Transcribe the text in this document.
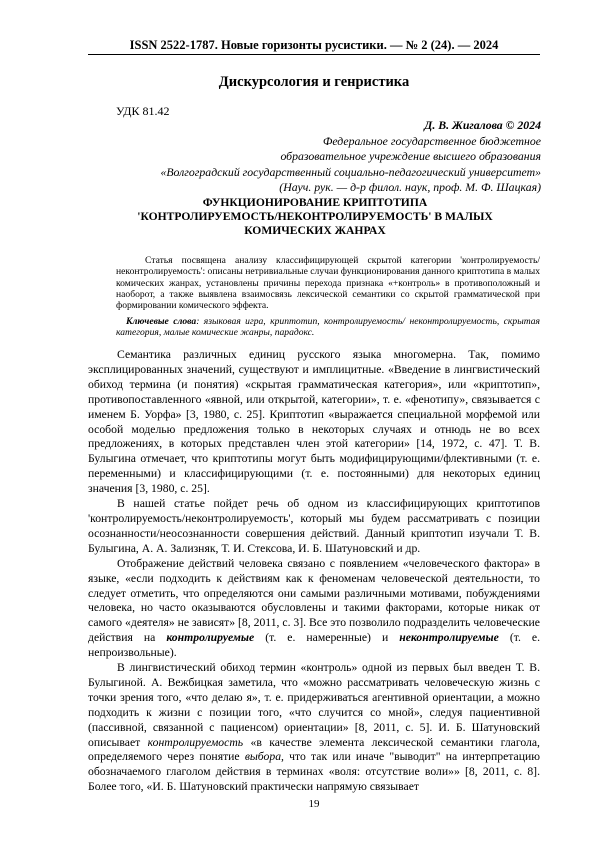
ISSN 2522-1787. Новые горизонты русистики. — № 2 (24). — 2024
Дискурсология и генристика
УДК 81.42
Д. В. Жигалова © 2024
Федеральное государственное бюджетное
образовательное учреждение высшего образования
«Волгоградский государственный социально-педагогический университет»
(Науч. рук. — д-р филол. наук, проф. М. Ф. Шацкая)
ФУНКЦИОНИРОВАНИЕ КРИПТОТИПА
'КОНТРОЛИРУЕМОСТЬ/НЕКОНТРОЛИРУЕМОСТЬ' В МАЛЫХ
КОМИЧЕСКИХ ЖАНРАХ

Статья посвящена анализу классифицирующей скрытой категории 'контролируемость/неконтролируемость': описаны нетривиальные случаи функционирования данного криптотипа в малых комических жанрах, установлены причины перехода признака «+контроль» в противоположный и наоборот, а также выявлена взаимосвязь лексической семантики со скрытой грамматической при формировании комического эффекта.

Ключевые слова: языковая игра, криптотип, контролируемость/ неконтролируемость, скрытая категория, малые комические жанры, парадокс.

Семантика различных единиц русского языка многомерна. Так, помимо эксплицированных значений, существуют и имплицитные. «Введение в лингвистический обиход термина (и понятия) «скрытая грамматическая категория», или «криптотип», противопоставленного «явной, или открытой, категории», т. е. «фенотипу», связывается с именем Б. Уорфа» [3, 1980, с. 25]. Криптотип «выражается специальной морфемой или особой моделью предложения только в некоторых случаях и отнюдь не во всех предложениях, в которых представлен член этой категории» [14, 1972, с. 47]. Т. В. Булыгина отмечает, что криптотипы могут быть модифицирующими/флективными (т. е. переменными) и классифицирующими (т. е. постоянными) для некоторых единиц значения [3, 1980, с. 25].

В нашей статье пойдет речь об одном из классифицирующих криптотипов 'контролируемость/неконтролируемость', который мы будем рассматривать с позиции осознанности/неосознанности совершения действий. Данный криптотип изучали Т. В. Булыгина, А. А. Зализняк, Т. И. Стексова, И. Б. Шатуновский и др.

Отображение действий человека связано с появлением «человеческого фактора» в языке, «если подходить к действиям как к феноменам человеческой деятельности, то следует отметить, что определяются они самыми различными мотивами, побуждениями человека, но часто оказываются обусловлены и такими факторами, которые никак от самого «деятеля» не зависят» [8, 2011, с. 3]. Все это позволило подразделить человеческие действия на контролируемые (т. е. намеренные) и неконтролируемые (т. е. непроизвольные).

В лингвистический обиход термин «контроль» одной из первых был введен Т. В. Булыгиной. А. Вежбицкая заметила, что «можно рассматривать человеческую жизнь с точки зрения того, «что делаю я», т. е. придерживаться агентивной ориентации, а можно подходить к жизни с позиции того, «что случится со мной», следуя пациентивной (пассивной, связанной с пациенсом) ориентации» [8, 2011, с. 5]. И. Б. Шатуновский описывает контролируемость «в качестве элемента лексической семантики глагола, определяемого через понятие выбора, что так или иначе "выводит" на интерпретацию обозначаемого глаголом действия в терминах «воля: отсутствие воли»» [8, 2011, с. 8]. Более того, «И. Б. Шатуновский практически напрямую связывает

19
